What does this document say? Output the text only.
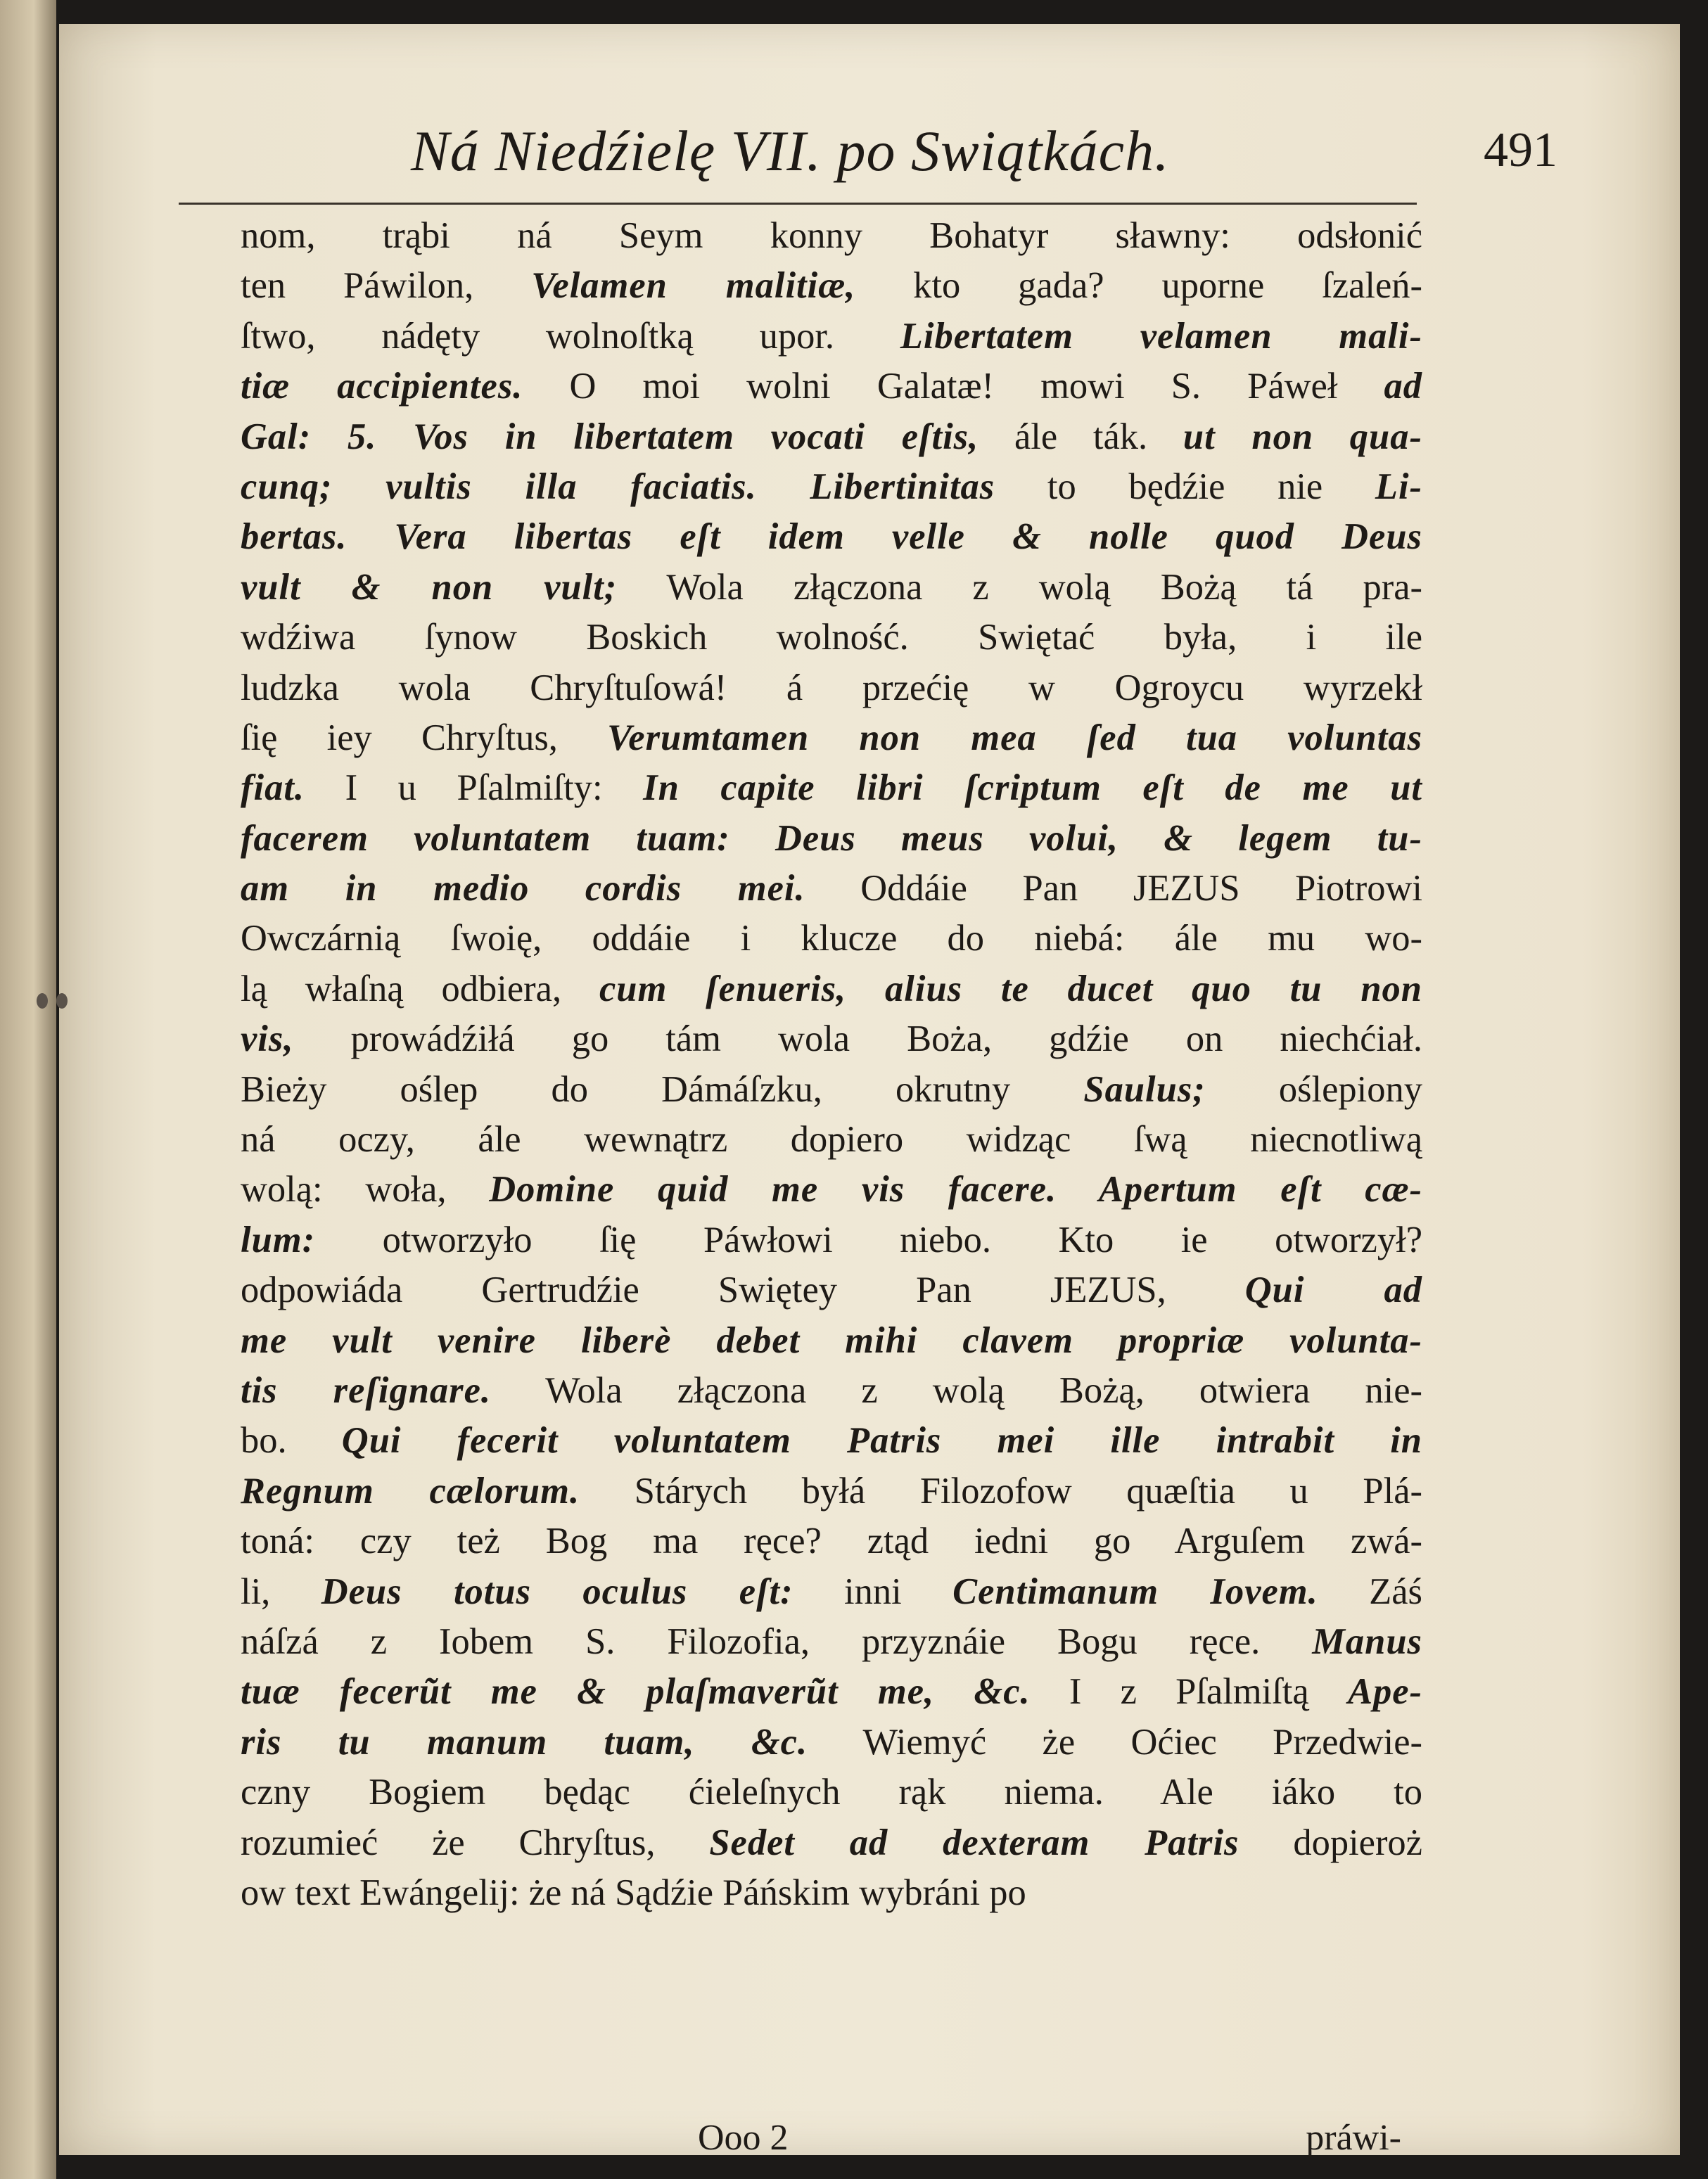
Ná Niedźielę VII. po Swiątkách.	491
nom, trąbi ná Seym konny Bohatyr sławny: odsłonić
ten Páwilon, Velamen malitiæ, kto gada? uporne ſzaleń-
ſtwo, nádęty wolnoſtką upor. Libertatem velamen mali-
tiæ accipientes. O moi wolni Galatæ! mowi S. Páweł ad
Gal: 5. Vos in libertatem vocati eſtis, ále ták. ut non qua-
cunq; vultis illa faciatis. Libertinitas to będźie nie Li-
bertas. Vera libertas eſt idem velle & nolle quod Deus
vult & non vult; Wola złączona z wolą Bożą tá pra-
wdźiwa ſynow Boskich wolność. Swiętać była, i ile
ludzka wola Chryſtuſowá! á przećię w Ogroycu wyrzekł
ſię iey Chryſtus, Verumtamen non mea ſed tua voluntas
fiat. I u Pſalmiſty: In capite libri ſcriptum eſt de me ut
facerem voluntatem tuam: Deus meus volui, & legem tu-
am in medio cordis mei. Oddáie Pan JEZUS Piotrowi
Owczárnią ſwoię, oddáie i klucze do niebá: ále mu wo-
lą właſną odbiera, cum ſenueris, alius te ducet quo tu non
vis, prowádźiłá go tám wola Boża, gdźie on niechćiał.
Bieży oślep do Dámáſzku, okrutny Saulus; oślepiony
ná oczy, ále wewnątrz dopiero widząc ſwą niecnotliwą
wolą: woła, Domine quid me vis facere. Apertum eſt cæ-
lum: otworzyło ſię Páwłowi niebo. Kto ie otworzył?
odpowiáda Gertrudźie Swiętey Pan JEZUS, Qui ad
me vult venire liberè debet mihi clavem propriæ volunta-
tis reſignare. Wola złączona z wolą Bożą, otwiera nie-
bo. Qui fecerit voluntatem Patris mei ille intrabit in
Regnum cælorum. Stárych byłá Filozofow quæſtia u Plá-
toná: czy też Bog ma ręce? ztąd iedni go Arguſem zwá-
li, Deus totus oculus eſt: inni Centimanum Iovem. Záś
náſzá z Iobem S. Filozofia, przyznáie Bogu ręce. Manus
tuæ fecerũt me & plaſmaverũt me, &c. I z Pſalmiſtą Ape-
ris tu manum tuam, &c. Wiemyć że Oćiec Przedwie-
czny Bogiem będąc ćieleſnych rąk niema. Ale iáko to
rozumieć że Chryſtus, Sedet ad dexteram Patris dopieroż
ow text Ewángelij: że ná Sądźie Páńskim wybráni po
Ooo 2	práwi-
